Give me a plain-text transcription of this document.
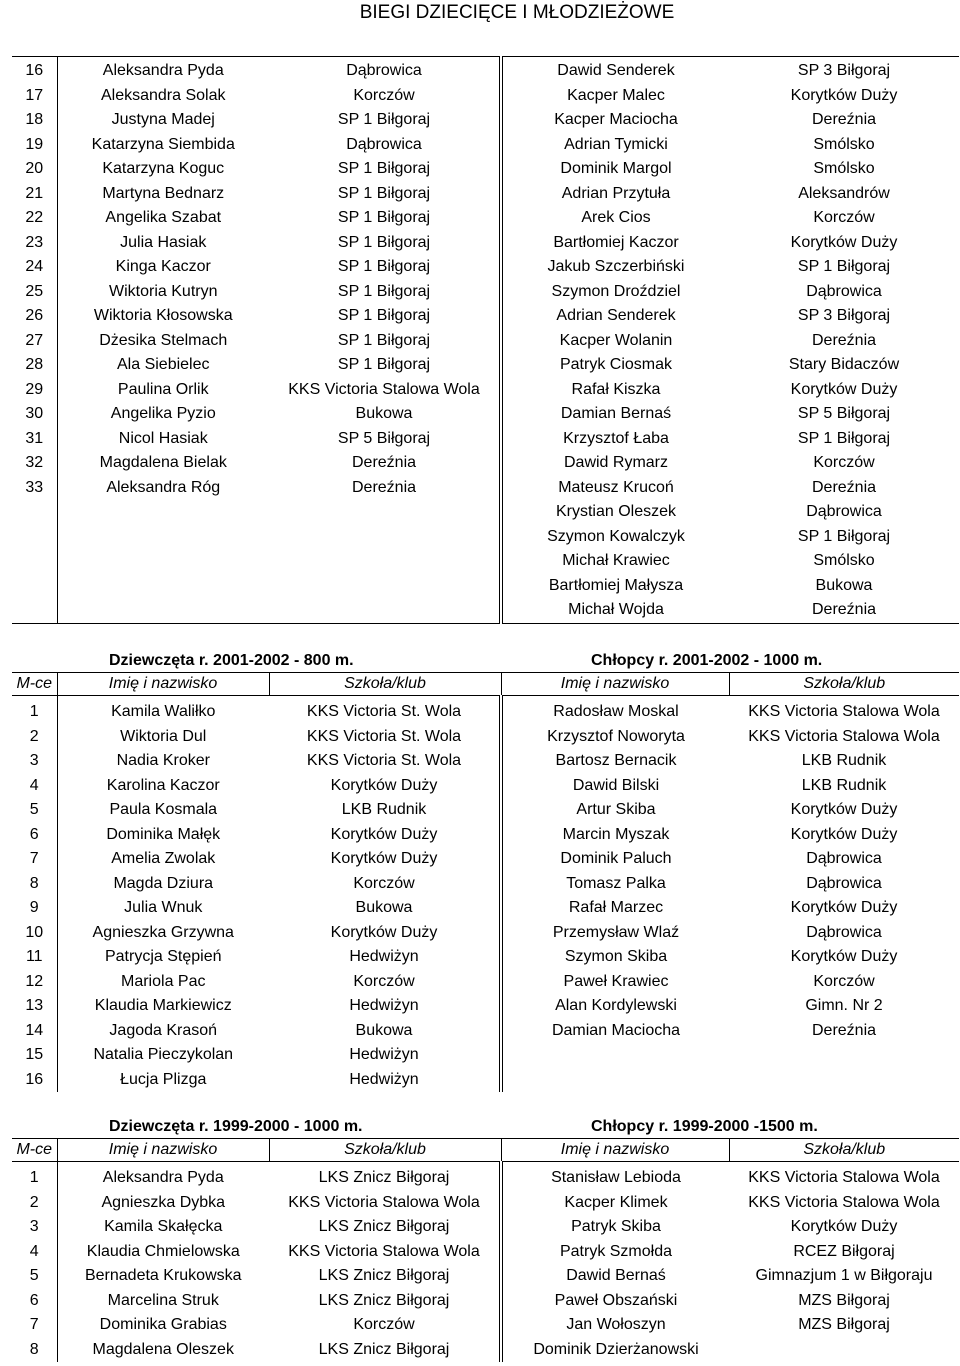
BIEGI DZIECIĘCE I MŁODZIEŻOWE
16	Aleksandra Pyda	Dąbrowica	Dawid Senderek	SP 3 Biłgoraj
17	Aleksandra Solak	Korczów	Kacper Malec	Korytków Duży
18	Justyna Madej	SP 1 Biłgoraj	Kacper Maciocha	Dereźnia
19	Katarzyna Siembida	Dąbrowica	Adrian Tymicki	Smólsko
20	Katarzyna Koguc	SP 1 Biłgoraj	Dominik Margol	Smólsko
21	Martyna Bednarz	SP 1 Biłgoraj	Adrian Przytuła	Aleksandrów
22	Angelika Szabat	SP 1 Biłgoraj	Arek Cios	Korczów
23	Julia Hasiak	SP 1 Biłgoraj	Bartłomiej Kaczor	Korytków Duży
24	Kinga Kaczor	SP 1 Biłgoraj	Jakub Szczerbiński	SP 1 Biłgoraj
25	Wiktoria Kutryn	SP 1 Biłgoraj	Szymon Droździel	Dąbrowica
26	Wiktoria Kłosowska	SP 1 Biłgoraj	Adrian Senderek	SP 3 Biłgoraj
27	Dżesika Stelmach	SP 1 Biłgoraj	Kacper Wolanin	Dereźnia
28	Ala Siebielec	SP 1 Biłgoraj	Patryk Ciosmak	Stary Bidaczów
29	Paulina Orlik	KKS Victoria Stalowa Wola	Rafał Kiszka	Korytków Duży
30	Angelika Pyzio	Bukowa	Damian Bernaś	SP 5 Biłgoraj
31	Nicol Hasiak	SP 5 Biłgoraj	Krzysztof Łaba	SP 1 Biłgoraj
32	Magdalena Bielak	Dereźnia	Dawid Rymarz	Korczów
33	Aleksandra Róg	Dereźnia	Mateusz Krucoń	Dereźnia
			Krystian Oleszek	Dąbrowica
			Szymon Kowalczyk	SP 1 Biłgoraj
			Michał Krawiec	Smólsko
			Bartłomiej Małysza	Bukowa
			Michał Wojda	Dereźnia
	Dziewczęta r. 2001-2002 - 800 m.		Chłopcy r. 2001-2002 - 1000 m.	
M-ce	Imię i nazwisko	Szkoła/klub	Imię i nazwisko	Szkoła/klub

1	Kamila Waliłko	KKS Victoria St. Wola	Radosław Moskal	KKS Victoria Stalowa Wola
2	Wiktoria Dul	KKS Victoria St. Wola	Krzysztof Noworyta	KKS Victoria Stalowa Wola
3	Nadia Kroker	KKS Victoria St. Wola	Bartosz Bernacik	LKB Rudnik
4	Karolina Kaczor	Korytków Duży	Dawid Bilski	LKB Rudnik
5	Paula Kosmala	LKB Rudnik	Artur Skiba	Korytków Duży
6	Dominika Małęk	Korytków Duży	Marcin Myszak	Korytków Duży
7	Amelia Zwolak	Korytków Duży	Dominik Paluch	Dąbrowica
8	Magda Dziura	Korczów	Tomasz Palka	Dąbrowica
9	Julia Wnuk	Bukowa	Rafał Marzec	Korytków Duży
10	Agnieszka Grzywna	Korytków Duży	Przemysław Wlaź	Dąbrowica
11	Patrycja Stępień	Hedwiżyn	Szymon Skiba	Korytków Duży
12	Mariola Pac	Korczów	Paweł Krawiec	Korczów
13	Klaudia Markiewicz	Hedwiżyn	Alan Kordylewski	Gimn. Nr 2
14	Jagoda Krasoń	Bukowa	Damian Maciocha	Dereźnia
15	Natalia Pieczykolan	Hedwiżyn		
16	Łucja Plizga	Hedwiżyn		
	Dziewczęta r. 1999-2000 - 1000 m.		Chłopcy r. 1999-2000 -1500 m.	
M-ce	Imię i nazwisko	Szkoła/klub	Imię i nazwisko	Szkoła/klub

1	Aleksandra Pyda	LKS Znicz Biłgoraj	Stanisław Lebioda	KKS Victoria Stalowa Wola
2	Agnieszka Dybka	KKS Victoria Stalowa Wola	Kacper Klimek	KKS Victoria Stalowa Wola
3	Kamila Skałęcka	LKS Znicz Biłgoraj	Patryk Skiba	Korytków Duży
4	Klaudia Chmielowska	KKS Victoria Stalowa Wola	Patryk Szmołda	RCEZ Biłgoraj
5	Bernadeta Krukowska	LKS Znicz Biłgoraj	Dawid Bernaś	Gimnazjum 1 w Biłgoraju
6	Marcelina Struk	LKS Znicz Biłgoraj	Paweł Obszański	MZS Biłgoraj
7	Dominika Grabias	Korczów	Jan Wołoszyn	MZS Biłgoraj
8	Magdalena Oleszek	LKS Znicz Biłgoraj	Dominik Dzierżanowski	
